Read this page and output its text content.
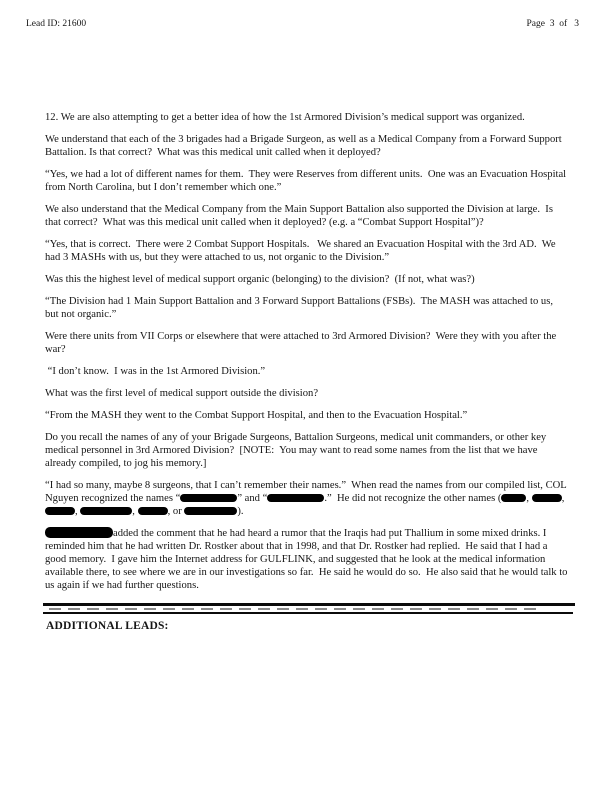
Lead ID: 21600	Page  3  of   3

12. We are also attempting to get a better idea of how the 1st Armored Division’s medical support was organized.

We understand that each of the 3 brigades had a Brigade Surgeon, as well as a Medical Company from a Forward Support Battalion. Is that correct?  What was this medical unit called when it deployed?

“Yes, we had a lot of different names for them.  They were Reserves from different units.  One was an Evacuation Hospital from North Carolina, but I don’t remember which one.”

We also understand that the Medical Company from the Main Support Battalion also supported the Division at large.  Is that correct?  What was this medical unit called when it deployed? (e.g. a “Combat Support Hospital”)?

“Yes, that is correct.  There were 2 Combat Support Hospitals.   We shared an Evacuation Hospital with the 3rd AD.  We had 3 MASHs with us, but they were attached to us, not organic to the Division.”

Was this the highest level of medical support organic (belonging) to the division?  (If not, what was?)

“The Division had 1 Main Support Battalion and 3 Forward Support Battalions (FSBs).  The MASH was attached to us, but not organic.”

Were there units from VII Corps or elsewhere that were attached to 3rd Armored Division?  Were they with you after the war?

“I don’t know.  I was in the 1st Armored Division.”

What was the first level of medical support outside the division?

“From the MASH they went to the Combat Support Hospital, and then to the Evacuation Hospital.”

Do you recall the names of any of your Brigade Surgeons, Battalion Surgeons, medical unit commanders, or other key medical personnel in 3rd Armored Division?  [NOTE:  You may want to read some names from the list that we have already compiled, to jog his memory.]

“I had so many, maybe 8 surgeons, that I can’t remember their names.”  When read the names from our compiled list, COL Nguyen recognized the names “	” and “	.”  He did not recognize the other names ( ,	, ,	,	, or	).

added the comment that he had heard a rumor that the Iraqis had put Thallium in some mixed drinks. I reminded him that he had written Dr. Rostker about that in 1998, and that Dr. Rostker had replied.  He said that I had a good memory.  I gave him the Internet address for GULFLINK, and suggested that he look at the medical information available there, to see where we are in our investigations so far.  He said he would do so.  He also said that he would talk to us again if we had further questions.

ADDITIONAL LEADS:
